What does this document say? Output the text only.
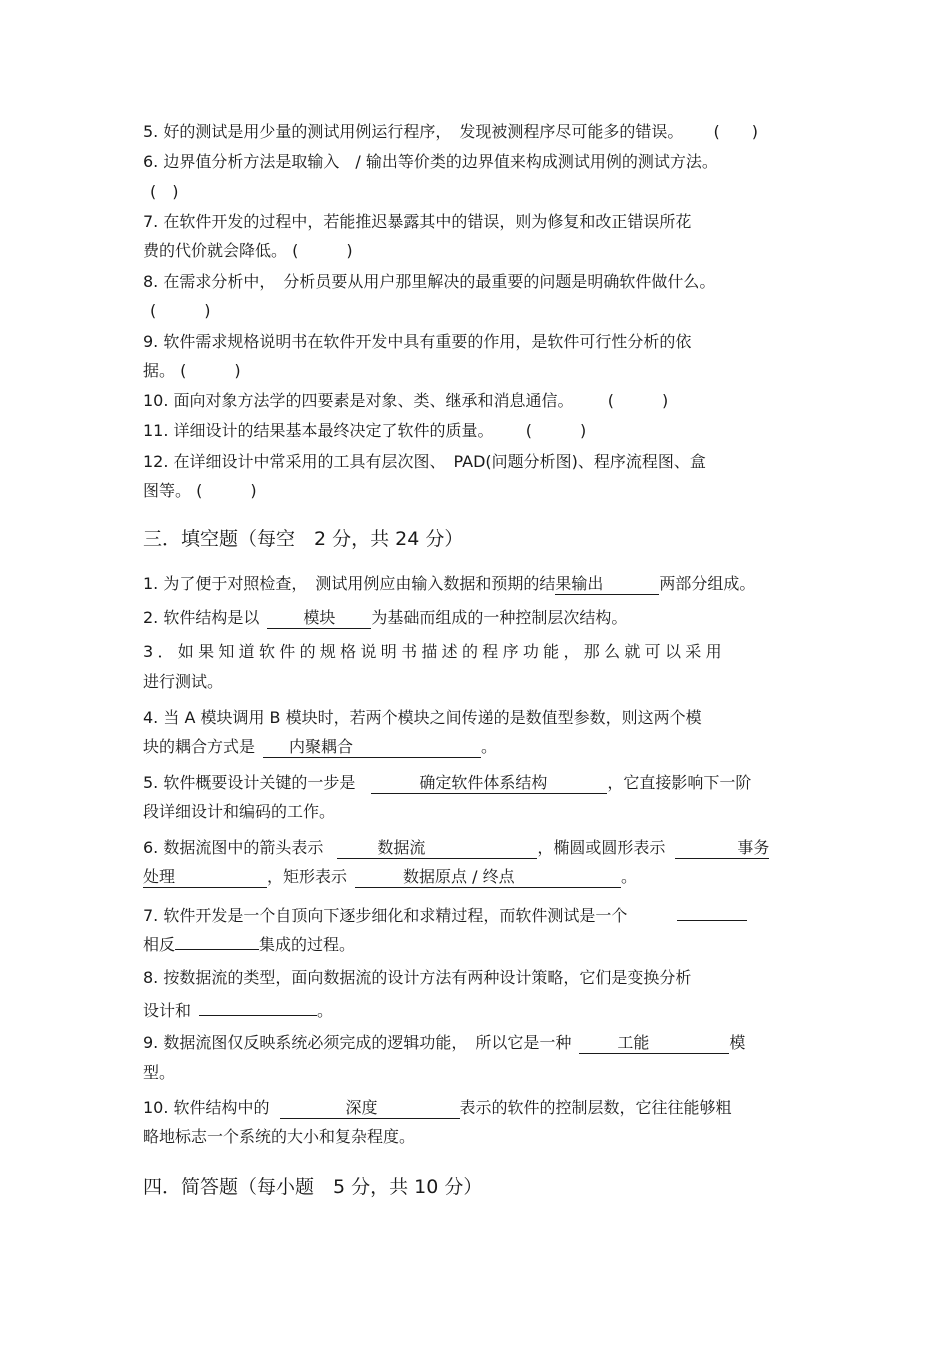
5. 好的测试是用少量的测试用例运行程序，　发现被测程序尽可能多的错误。 (　　)
6. 边界值分析方法是取输入　/ 输出等价类的边界值来构成测试用例的测试方法。
(　)
7. 在软件开发的过程中，若能推迟暴露其中的错误，则为修复和改正错误所花
费的代价就会降低。 (　　　)
8. 在需求分析中，　分析员要从用户那里解决的最重要的问题是明确软件做什么。
(　　　)
9. 软件需求规格说明书在软件开发中具有重要的作用，是软件可行性分析的依
据。 (　　　)
10. 面向对象方法学的四要素是对象、类、继承和消息通信。 (　　　)
11. 详细设计的结果基本最终决定了软件的质量。 (　　　)
12. 在详细设计中常采用的工具有层次图、　PAD(问题分析图)、程序流程图、盒
图等。 (　　　)
三．填空题（每空　2 分，共 24 分）
1. 为了便于对照检查，　测试用例应由输入数据和预期的结果输出	两部分组成。
2. 软件结构是以	模块 为基础而组成的一种控制层次结构。
3．如果知道软件的规格说明书描述的程序功能，那么就可以采用
进行测试。
4. 当 A 模块调用 B 模块时，若两个模块之间传递的是数值型参数，则这两个模
块的耦合方式是 内聚耦合	。
5. 软件概要设计关键的一步是	确定软件体系结构	，它直接影响下一阶
段详细设计和编码的工作。
6. 数据流图中的箭头表示	数据流	，椭圆或圆形表示	事务
处理	，矩形表示	数据原点 / 终点	。
7. 软件开发是一个自顶向下逐步细化和求精过程，而软件测试是一个
相反	集成的过程。
8. 按数据流的类型，面向数据流的设计方法有两种设计策略，它们是变换分析
设计和	。
9. 数据流图仅反映系统必须完成的逻辑功能，　所以它是一种	工能	模
型。
10. 软件结构中的	深度	表示的软件的控制层数，它往往能够粗
略地标志一个系统的大小和复杂程度。
四．简答题（每小题　5 分，共 10 分）
